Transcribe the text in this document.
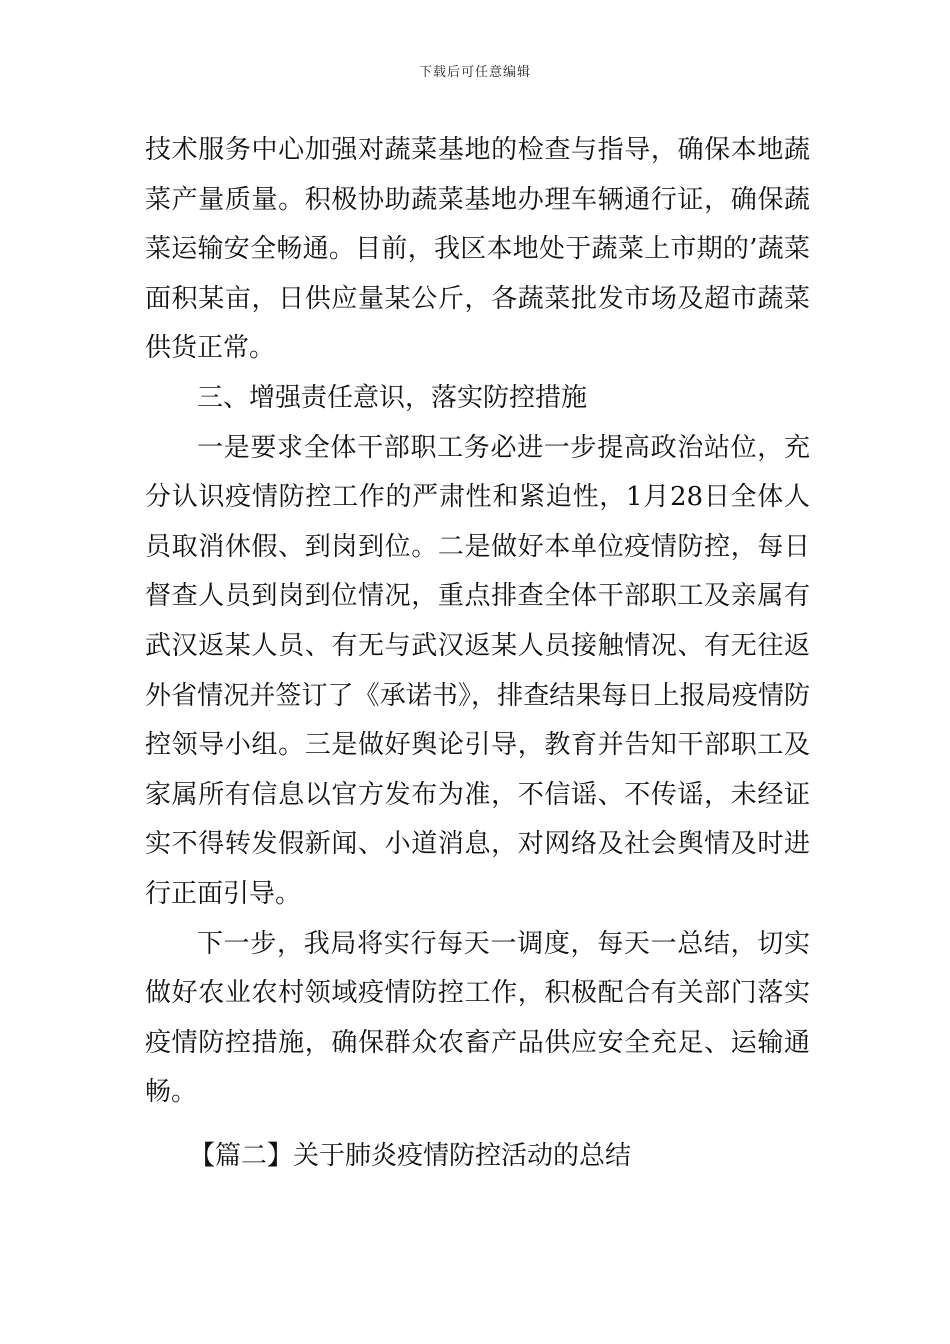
下载后可任意编辑

技术服务中心加强对蔬菜基地的检查与指导，确保本地蔬菜产量质量。积极协助蔬菜基地办理车辆通行证，确保蔬菜运输安全畅通。目前，我区本地处于蔬菜上市期的’蔬菜面积某亩，日供应量某公斤，各蔬菜批发市场及超市蔬菜供货正常。

三、增强责任意识，落实防控措施

一是要求全体干部职工务必进一步提高政治站位，充分认识疫情防控工作的严肃性和紧迫性，1月28日全体人员取消休假、到岗到位。二是做好本单位疫情防控，每日督查人员到岗到位情况，重点排查全体干部职工及亲属有武汉返某人员、有无与武汉返某人员接触情况、有无往返外省情况并签订了《承诺书》，排查结果每日上报局疫情防控领导小组。三是做好舆论引导，教育并告知干部职工及家属所有信息以官方发布为准，不信谣、不传谣，未经证实不得转发假新闻、小道消息，对网络及社会舆情及时进行正面引导。

下一步，我局将实行每天一调度，每天一总结，切实做好农业农村领域疫情防控工作，积极配合有关部门落实疫情防控措施，确保群众农畜产品供应安全充足、运输通畅。

【篇二】关于肺炎疫情防控活动的总结
